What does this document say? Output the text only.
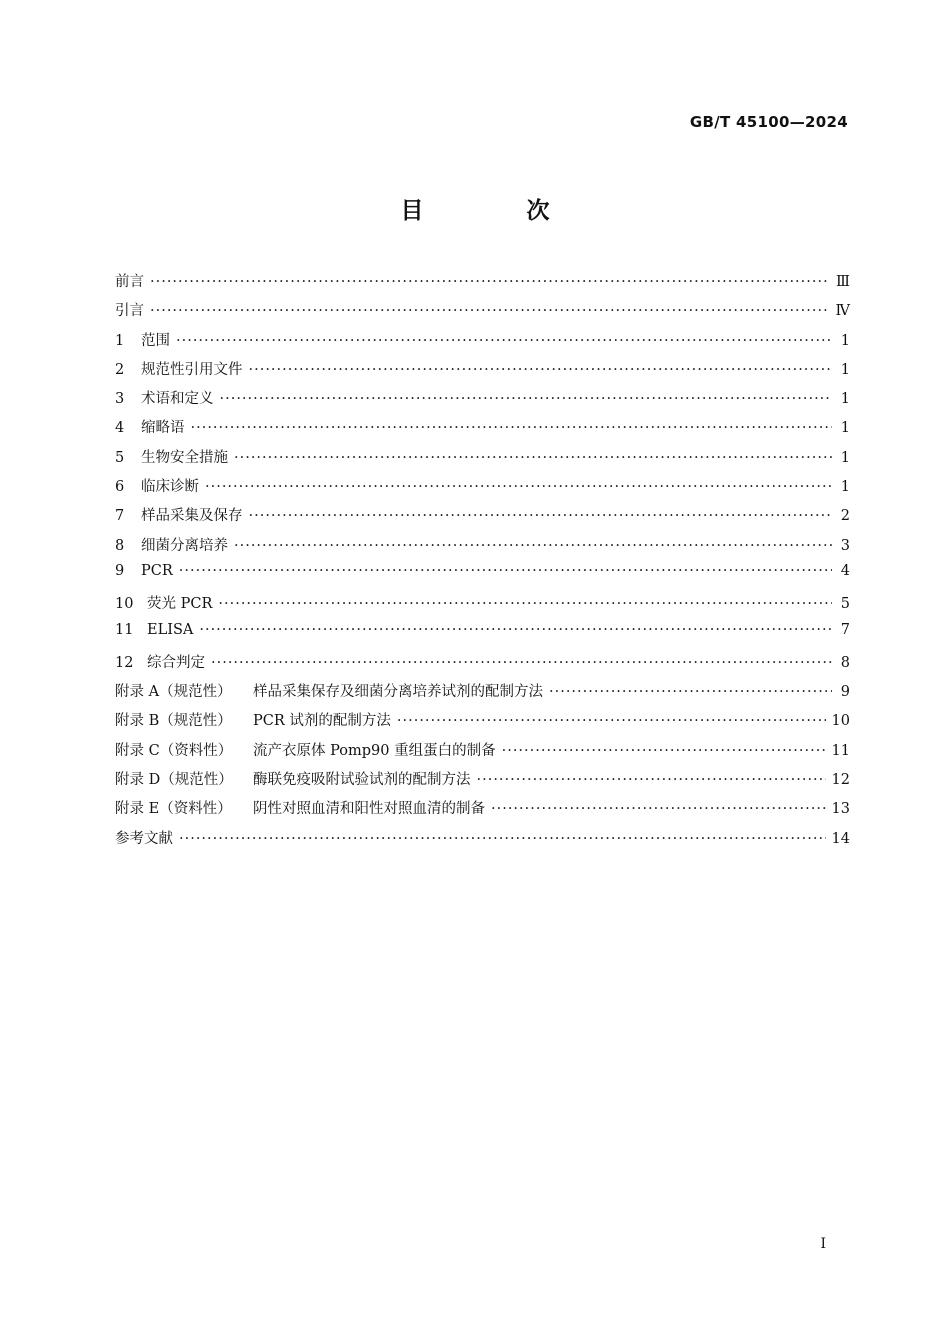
GB/T 45100—2024
目　次
前言 ·····	Ⅲ
引言 ·····	Ⅳ
1	范围 ·····	1
2	规范性引用文件 ·····	1
3	术语和定义 ·····	1
4	缩略语 ·····	1
5	生物安全措施 ·····	1
6	临床诊断 ·····	1
7	样品采集及保存 ·····	2
8	细菌分离培养 ·····	3
9	PCR ·····	4
10 荧光 PCR ·····	5
11 ELISA ·····	7
12 综合判定 ·····	8
附录 A（规范性）	样品采集保存及细菌分离培养试剂的配制方法 ·····	9
附录 B（规范性）	PCR 试剂的配制方法 ·····	10
附录 C（资料性）	流产衣原体 Pomp90 重组蛋白的制备 ·····	11
附录 D（规范性）	酶联免疫吸附试验试剂的配制方法 ·····	12
附录 E（资料性）	阴性对照血清和阳性对照血清的制备 ·····	13
参考文献 ·····	14
I
